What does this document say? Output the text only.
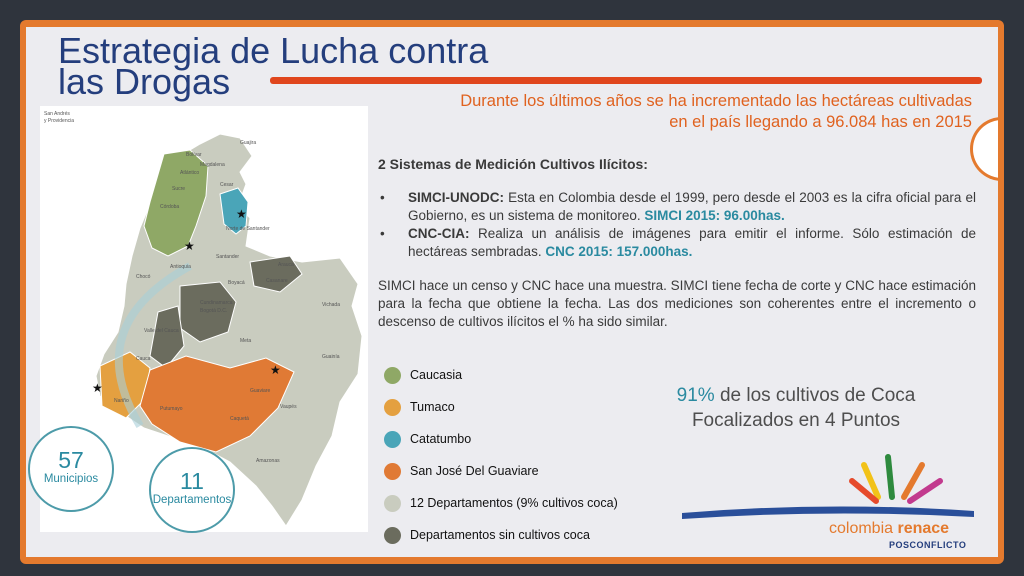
Estrategia de Lucha contra
las Drogas
San Andrés
y Providencia
★
★
★
★
Guajira
Bolívar
Magdalena
Atlántico
Cesar
Sucre
Córdoba
Norte de Santander
Antioquia
Santander
Arauca
Chocó
Boyacá	Casanare
Cundinamarca
Bogotá D.C.
Vichada
Valle del Cauca
Meta
Cauca	Guainía
Nariño
Guaviare
Putumayo
Caquetá
Vaupés
Amazonas
Durante los últimos años se ha incrementado las hectáreas cultivadas
en el país llegando a 96.084 has en 2015
2 Sistemas de Medición Cultivos Ilícitos:
• SIMCI-UNODC: Esta en Colombia desde el 1999, pero desde el 2003 es la cifra oficial para el Gobierno, es un sistema de monitoreo. SIMCI 2015: 96.00has.
• CNC-CIA: Realiza un análisis de imágenes para emitir el informe. Sólo estimación de hectáreas sembradas. CNC 2015: 157.000has.

SIMCI hace un censo y CNC hace una muestra. SIMCI tiene fecha de corte y CNC hace estimación para la fecha que obtiene la fecha. Las dos mediciones son coherentes entre el incremento o descenso de cultivos ilícitos el % ha sido similar.

Caucasia
Tumaco
Catatumbo
San José Del Guaviare
12 Departamentos (9% cultivos coca)
Departamentos sin cultivos coca
91% de los cultivos de Coca
Focalizados en 4 Puntos
57
Municipios	11
Departamentos
colombia renace
POSCONFLICTO
